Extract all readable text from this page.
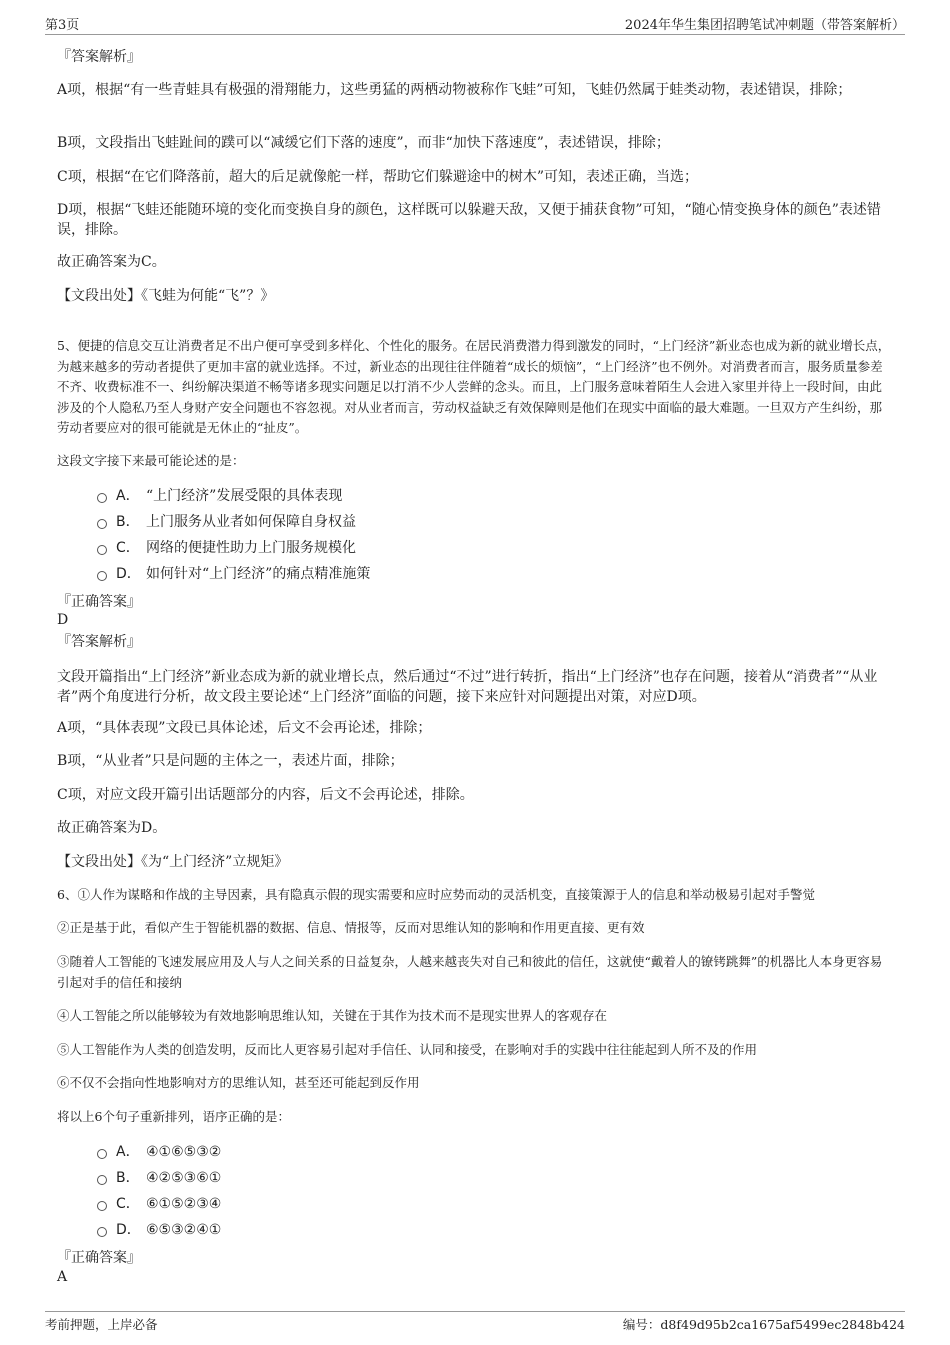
第3页	2024年华生集团招聘笔试冲刺题（带答案解析）
『答案解析』
A项，根据“有一些青蛙具有极强的滑翔能力，这些勇猛的两栖动物被称作飞蛙”可知，飞蛙仍然属于蛙类动物，表述错误，排除；
B项，文段指出飞蛙趾间的蹼可以“减缓它们下落的速度”，而非“加快下落速度”，表述错误，排除；
C项，根据“在它们降落前，超大的后足就像舵一样，帮助它们躲避途中的树木”可知，表述正确，当选；
D项，根据“飞蛙还能随环境的变化而变换自身的颜色，这样既可以躲避天敌，又便于捕获食物”可知，“随心情变换身体的颜色”表述错误，排除。
故正确答案为C。
【文段出处】《飞蛙为何能“飞”？》
5、便捷的信息交互让消费者足不出户便可享受到多样化、个性化的服务。在居民消费潜力得到激发的同时，“上门经济”新业态也成为新的就业增长点，为越来越多的劳动者提供了更加丰富的就业选择。不过，新业态的出现往往伴随着“成长的烦恼”，“上门经济”也不例外。对消费者而言，服务质量参差不齐、收费标准不一、纠纷解决渠道不畅等诸多现实问题足以打消不少人尝鲜的念头。而且，上门服务意味着陌生人会进入家里并待上一段时间，由此涉及的个人隐私乃至人身财产安全问题也不容忽视。对从业者而言，劳动权益缺乏有效保障则是他们在现实中面临的最大难题。一旦双方产生纠纷，那劳动者要应对的很可能就是无休止的“扯皮”。
这段文字接下来最可能论述的是：
A． “上门经济”发展受限的具体表现
B． 上门服务从业者如何保障自身权益
C． 网络的便捷性助力上门服务规模化
D． 如何针对“上门经济”的痛点精准施策
『正确答案』
D
『答案解析』
文段开篇指出“上门经济”新业态成为新的就业增长点，然后通过“不过”进行转折，指出“上门经济”也存在问题，接着从“消费者”“从业者”两个角度进行分析，故文段主要论述“上门经济”面临的问题，接下来应针对问题提出对策，对应D项。
A项，“具体表现”文段已具体论述，后文不会再论述，排除；
B项，“从业者”只是问题的主体之一，表述片面，排除；
C项，对应文段开篇引出话题部分的内容，后文不会再论述，排除。
故正确答案为D。
【文段出处】《为“上门经济”立规矩》
6、①人作为谋略和作战的主导因素，具有隐真示假的现实需要和应时应势而动的灵活机变，直接策源于人的信息和举动极易引起对手警觉
②正是基于此，看似产生于智能机器的数据、信息、情报等，反而对思维认知的影响和作用更直接、更有效
③随着人工智能的飞速发展应用及人与人之间关系的日益复杂，人越来越丧失对自己和彼此的信任，这就使“戴着人的镣铐跳舞”的机器比人本身更容易引起对手的信任和接纳
④人工智能之所以能够较为有效地影响思维认知，关键在于其作为技术而不是现实世界人的客观存在
⑤人工智能作为人类的创造发明，反而比人更容易引起对手信任、认同和接受，在影响对手的实践中往往能起到人所不及的作用
⑥不仅不会指向性地影响对方的思维认知，甚至还可能起到反作用
将以上6个句子重新排列，语序正确的是：
A． ④①⑥⑤③②
B． ④②⑤③⑥①
C． ⑥①⑤②③④
D． ⑥⑤③②④①
『正确答案』
A
考前押题，上岸必备	编号：d8f49d95b2ca1675af5499ec2848b424
